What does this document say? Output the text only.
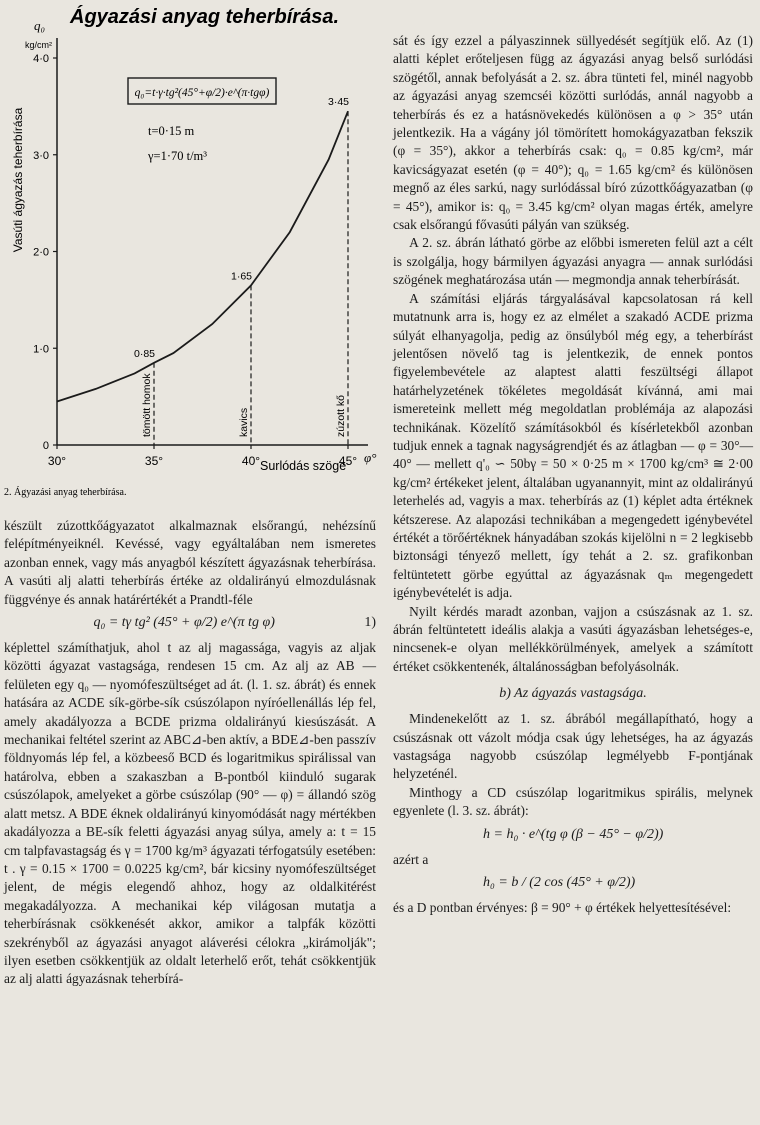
Ágyazási anyag teherbírása.
q₀
kg/cm²
Vasúti ágyazás teherbírása
0
1·0
2·0
3·0
4·0
30°	35°	40°	45°
tömött homok	kavics	zúzott kő
0·85
1·65
3·45
q₀=t·γ·tg²(45°+φ/2)·e^(π·tgφ)
t=0·15 m
γ=1·70 t/m³
Surlódás szöge
φ°
2. Ágyazási anyag teherbírása.

készült zúzottkőágyazatot alkalmaznak elsőrangú, nehézsínű felépítményeiknél. Kevéssé, vagy egyáltalában nem ismeretes azonban ennek, vagy más anyagból készített ágyazásnak teherbírása. A vasúti alj alatti teherbírás értéke az oldalirányú elmozdulásnak függvénye és annak határértékét a Prandtl-féle

q₀ = tγ tg² (45° + φ/2) e^(π tg φ)	1)

képlettel számíthatjuk, ahol t az alj magassága, vagyis az aljak közötti ágyazat vastagsága, rendesen 15 cm. Az alj az AB — felületen egy q₀ — nyomófeszültséget ad át. (l. 1. sz. ábrát) és ennek hatására az ACDE sík-görbe-sík csúszólapon nyíróellenállás lép fel, amely akadályozza a BCDE prizma oldalirányú kiesúszását. A mechanikai feltétel szerint az ABC⊿-ben aktív, a BDE⊿-ben passzív földnyomás lép fel, a közbeeső BCD és logaritmikus spirálissal van határolva, ebben a szakaszban a B-pontból kiinduló sugarak csúszólapok, amelyeket a görbe csúszólap (90° — φ) = állandó szög alatt metsz. A BDE éknek oldalirányú kinyomódását nagy mértékben akadályozza a BE-sík feletti ágyazási anyag súlya, amely a: t = 15 cm talpfavastagság és γ = 1700 kg/m³ ágyazati térfogatsúly esetében: t . γ = 0.15 × 1700 = 0.0225 kg/cm², bár kicsiny nyomófeszültséget jelent, de mégis elegendő ahhoz, hogy az oldalkitérést megakadályozza. A mechanikai kép világosan mutatja a teherbírásnak csökkenését akkor, amikor a talpfák közötti szekrényből az ágyazási anyagot aláverési célokra „kirámolják"; ilyen esetben csökkentjük az oldalt leterhelő erőt, tehát csökkentjük az alj alatti ágyazásnak teherbírá-

sát és így ezzel a pályaszinnek süllyedését segítjük elő. Az (1) alatti képlet erőteljesen függ az ágyazási anyag belső surlódási szögétől, annak befolyását a 2. sz. ábra tünteti fel, minél nagyobb az ágyazási anyag szemcséi közötti surlódás, annál nagyobb a teherbírás és ez a hatásnövekedés különösen a φ > 35° után jelentkezik. Ha a vágány jól tömörített homokágyazatban fekszik (φ = 35°), akkor a teherbírás csak: q₀ = 0.85 kg/cm², már kavicságyazat esetén (φ = 40°); q₀ = 1.65 kg/cm² és különösen megnő az éles sarkú, nagy surlódással bíró zúzottkőágyazatban (φ = 45°), amikor is: q₀ = 3.45 kg/cm² olyan magas érték, amelyre csak elsőrangú fővasúti pályán van szükség.

A 2. sz. ábrán látható görbe az előbbi ismereten felül azt a célt is szolgálja, hogy bármilyen ágyazási anyagra — annak surlódási szögének meghatározása után — megmondja annak teherbírását.

A számítási eljárás tárgyalásával kapcsolatosan rá kell mutatnunk arra is, hogy ez az elmélet a szakadó ACDE prizma súlyát elhanyagolja, pedig az önsúlyból még egy, a teherbírást jelentősen növelő tag is jelentkezik, de ennek pontos figyelembevétele az alaptest alatti feszültségi állapot határhelyzetének tökéletes megoldását kívánná, ami mai ismereteink mellett még megoldatlan problémája az alapozási technikának. Közelítő számításokból és kísérletekből azonban tudjuk ennek a tagnak nagyságrendjét és az átlagban — φ = 30°—40° — mellett q'₀ ∽ 50bγ = 50 × 0·25 m × 1700 kg/cm³ ≅ 2·00 kg/cm² értékeket jelent, általában ugyanannyit, mint az oldalirányú leterhelés ad, vagyis a max. teherbírás az (1) képlet adta értéknek kétszerese. Az alapozási technikában a megengedett igénybevétel értékét a törőértéknek hányadában szokás kijelölni n = 2 legkisebb biztonsági tényező mellett, így tehát a 2. sz. grafikonban feltüntetett görbe egyúttal az ágyazásnak qₘ megengedett igénybevételét is adja.

Nyilt kérdés maradt azonban, vajjon a csúszásnak az 1. sz. ábrán feltüntetett ideális alakja a vasúti ágyazásban lehetséges-e, nincsenek-e olyan mellékkörülmények, amelyek a számított értéket csökkentenék, általánosságban befolyásolnák.

b) Az ágyazás vastagsága.

Mindenekelőtt az 1. sz. ábrából megállapítható, hogy a csúszásnak ott vázolt módja csak úgy lehetséges, ha az ágyazás vastagsága nagyobb csúszólap legmélyebb F-pontjának helyzeténél.

Minthogy a CD csúszólap logaritmikus spirális, melynek egyenlete (l. 3. sz. ábrát):

h = h₀ · e^(tg φ (β − 45° − φ/2))
azért a
h₀ = b / (2 cos (45° + φ/2))

és a D pontban érvényes: β = 90° + φ értékek helyettesítésével:
